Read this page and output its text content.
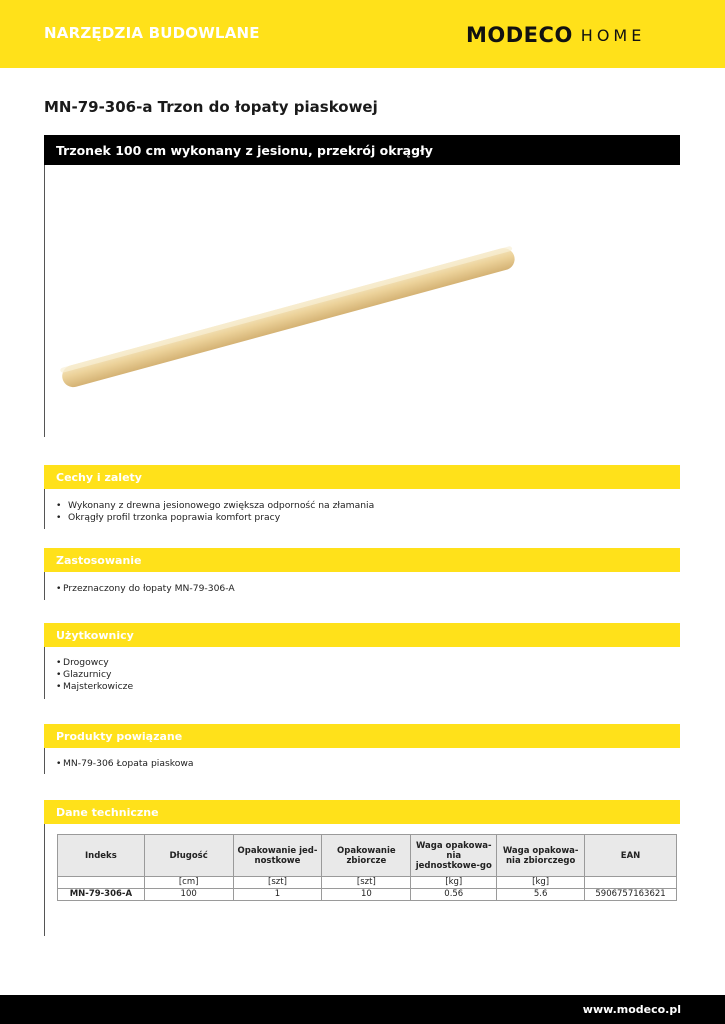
NARZĘDZIA BUDOWLANE	MODECO HOME
MN-79-306-a Trzon do łopaty piaskowej
Trzonek 100 cm wykonany z jesionu, przekrój okrągły
Cechy i zalety
• Wykonany z drewna jesionowego zwiększa odporność na złamania
• Okrągły profil trzonka poprawia komfort pracy
Zastosowanie
• Przeznaczony do łopaty MN-79-306-A
Użytkownicy
• Drogowcy
• Glazurnicy
• Majsterkowicze
Produkty powiązane
• MN-79-306 Łopata piaskowa
Dane techniczne
Indeks	Długość	Opakowanie jed-nostkowe	Opakowanie zbiorcze	Waga opakowa-nia jednostkowe-go	Waga opakowa-nia zbiorczego	EAN
	[cm]	[szt]	[szt]	[kg]	[kg]	
MN-79-306-A	100	1	10	0.56	5.6	5906757163621
www.modeco.pl
